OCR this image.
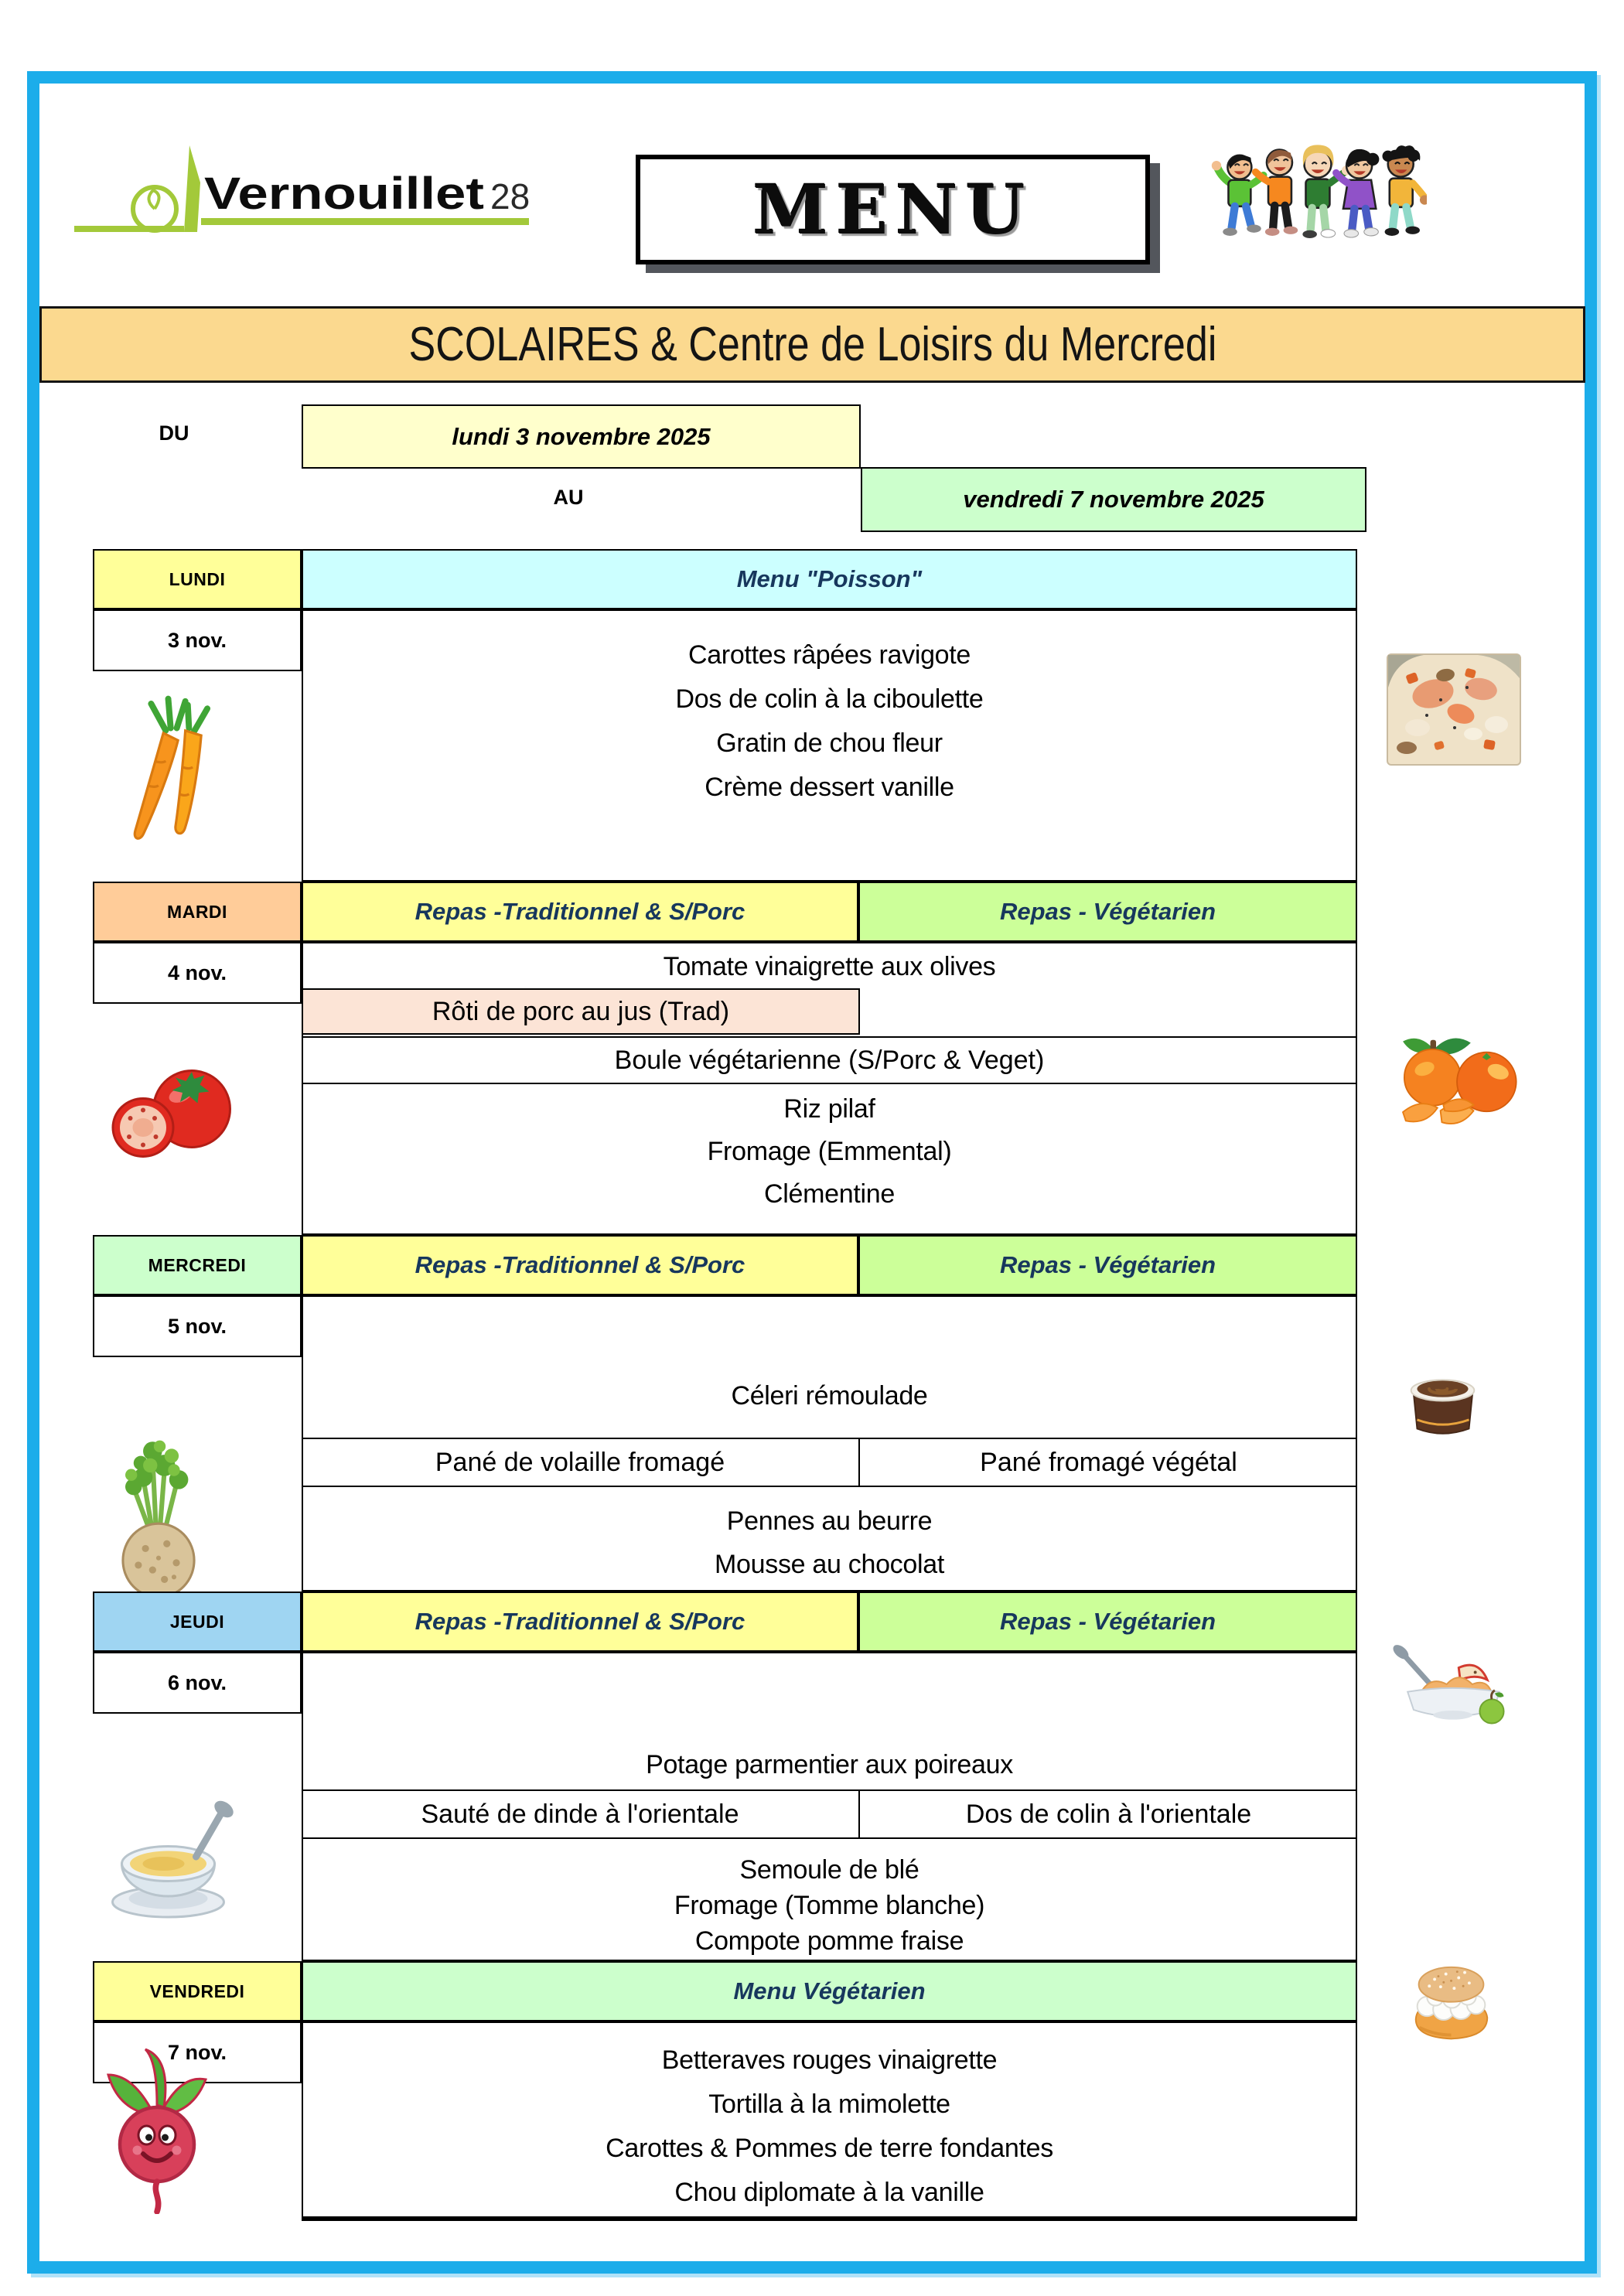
Vernouillet 28	MENU
SCOLAIRES & Centre de Loisirs du Mercredi
DU	lundi 3 novembre 2025
AU	vendredi 7 novembre 2025
LUNDI	Menu "Poisson"
3 nov.
Carottes râpées ravigote
Dos de colin à la ciboulette
Gratin de chou fleur
Crème dessert vanille
MARDI	Repas -Traditionnel & S/Porc	Repas - Végétarien
4 nov.	Tomate vinaigrette aux olives
Rôti de porc au jus (Trad)
Boule végétarienne (S/Porc & Veget)
Riz pilaf
Fromage (Emmental)
Clémentine
MERCREDI	Repas -Traditionnel & S/Porc	Repas - Végétarien
5 nov.
Céleri rémoulade
Pané de volaille fromagé	Pané fromagé végétal
Pennes au beurre
Mousse au chocolat
JEUDI	Repas -Traditionnel & S/Porc	Repas - Végétarien
6 nov.
Potage parmentier aux poireaux
Sauté de dinde à l'orientale	Dos de colin à l'orientale
Semoule de blé
Fromage (Tomme blanche)
Compote pomme fraise
VENDREDI	Menu Végétarien
7 nov.	Betteraves rouges vinaigrette
Tortilla à la mimolette
Carottes & Pommes de terre fondantes
Chou diplomate à la vanille
